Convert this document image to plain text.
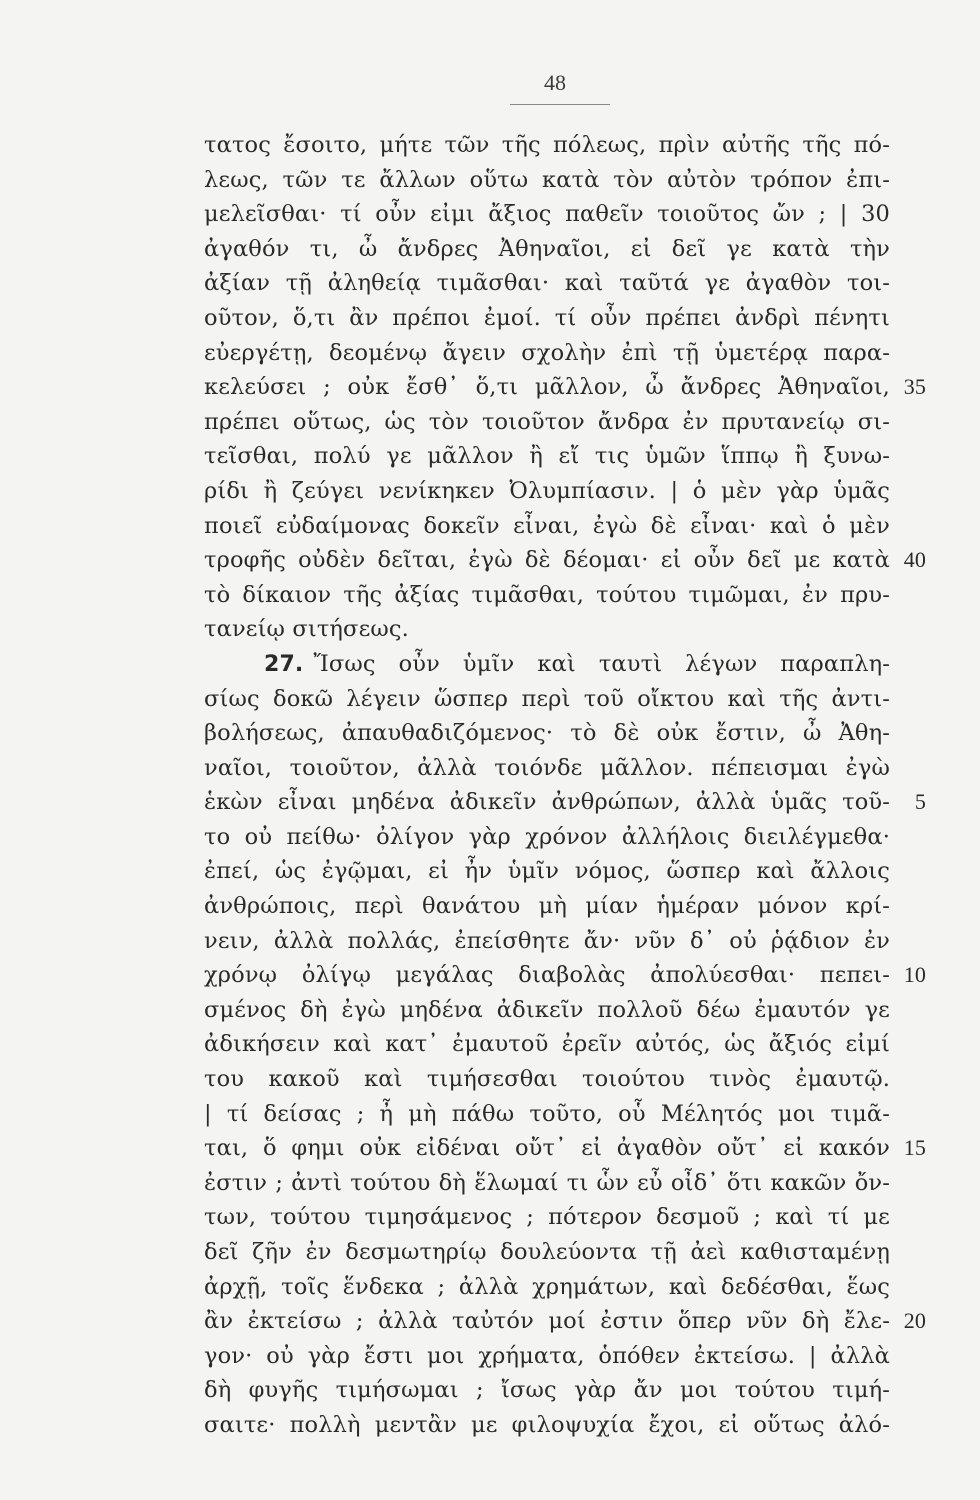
48
τατος ἔσοιτο, μήτε τῶν τῆς πόλεως, πρὶν αὐτῆς τῆς πό-
λεως, τῶν τε ἄλλων οὕτω κατὰ τὸν αὐτὸν τρόπον ἐπι-
μελεῖσθαι· τί οὖν εἰμι ἄξιος παθεῖν τοιοῦτος ὤν ; | 30
ἀγαθόν τι, ὦ ἄνδρες Ἀθηναῖοι, εἰ δεῖ γε κατὰ τὴν
ἀξίαν τῇ ἀληθείᾳ τιμᾶσθαι· καὶ ταῦτά γε ἀγαθὸν τοι-
οῦτον, ὅ,τι ἂν πρέποι ἐμοί. τί οὖν πρέπει ἀνδρὶ πένητι
εὐεργέτῃ, δεομένῳ ἄγειν σχολὴν ἐπὶ τῇ ὑμετέρᾳ παρα-
κελεύσει ; οὐκ ἔσθ᾽ ὅ,τι μᾶλλον, ὦ ἄνδρες Ἀθηναῖοι, 35
πρέπει οὕτως, ὡς τὸν τοιοῦτον ἄνδρα ἐν πρυτανείῳ σι-
τεῖσθαι, πολύ γε μᾶλλον ἢ εἴ τις ὑμῶν ἵππῳ ἢ ξυνω-
ρίδι ἢ ζεύγει νενίκηκεν Ὀλυμπίασιν. | ὁ μὲν γὰρ ὑμᾶς
ποιεῖ εὐδαίμονας δοκεῖν εἶναι, ἐγὼ δὲ εἶναι· καὶ ὁ μὲν
τροφῆς οὐδὲν δεῖται, ἐγὼ δὲ δέομαι· εἰ οὖν δεῖ με κατὰ 40
τὸ δίκαιον τῆς ἀξίας τιμᾶσθαι, τούτου τιμῶμαι, ἐν πρυ-
τανείῳ σιτήσεως.
27. Ἴσως οὖν ὑμῖν καὶ ταυτὶ λέγων παραπλη-
σίως δοκῶ λέγειν ὥσπερ περὶ τοῦ οἴκτου καὶ τῆς ἀντι-
βολήσεως, ἀπαυθαδιζόμενος· τὸ δὲ οὐκ ἔστιν, ὦ Ἀθη-
ναῖοι, τοιοῦτον, ἀλλὰ τοιόνδε μᾶλλον. πέπεισμαι ἐγὼ
ἑκὼν εἶναι μηδένα ἀδικεῖν ἀνθρώπων, ἀλλὰ ὑμᾶς τοῦ-	5
το οὐ πείθω· ὀλίγον γὰρ χρόνον ἀλλήλοις διειλέγμεθα·
ἐπεί, ὡς ἐγῷμαι, εἰ ἦν ὑμῖν νόμος, ὥσπερ καὶ ἄλλοις
ἀνθρώποις, περὶ θανάτου μὴ μίαν ἡμέραν μόνον κρί-
νειν, ἀλλὰ πολλάς, ἐπείσθητε ἄν· νῦν δ᾽ οὐ ῥᾴδιον ἐν
χρόνῳ ὀλίγῳ μεγάλας διαβολὰς ἀπολύεσθαι· πεπει- 10
σμένος δὴ ἐγὼ μηδένα ἀδικεῖν πολλοῦ δέω ἐμαυτόν γε
ἀδικήσειν καὶ κατ᾽ ἐμαυτοῦ ἐρεῖν αὐτός, ὡς ἄξιός εἰμί
του κακοῦ καὶ τιμήσεσθαι τοιούτου τινὸς ἐμαυτῷ.
| τί δείσας ; ἦ μὴ πάθω τοῦτο, οὗ Μέλητός μοι τιμᾶ-
ται, ὅ φημι οὐκ εἰδέναι οὔτ᾽ εἰ ἀγαθὸν οὔτ᾽ εἰ κακόν 15
ἐστιν ; ἀντὶ τούτου δὴ ἕλωμαί τι ὧν εὖ οἶδ᾽ ὅτι κακῶν ὄν-
των, τούτου τιμησάμενος ; πότερον δεσμοῦ ; καὶ τί με
δεῖ ζῆν ἐν δεσμωτηρίῳ δουλεύοντα τῇ ἀεὶ καθισταμένῃ
ἀρχῇ, τοῖς ἕνδεκα ; ἀλλὰ χρημάτων, καὶ δεδέσθαι, ἕως
ἂν ἐκτείσω ; ἀλλὰ ταὐτόν μοί ἐστιν ὅπερ νῦν δὴ ἔλε- 20
γον· οὐ γὰρ ἔστι μοι χρήματα, ὁπόθεν ἐκτείσω. | ἀλλὰ
δὴ φυγῆς τιμήσωμαι ; ἴσως γὰρ ἄν μοι τούτου τιμή-
σαιτε· πολλὴ μεντἂν με φιλοψυχία ἔχοι, εἰ οὕτως ἀλό-
